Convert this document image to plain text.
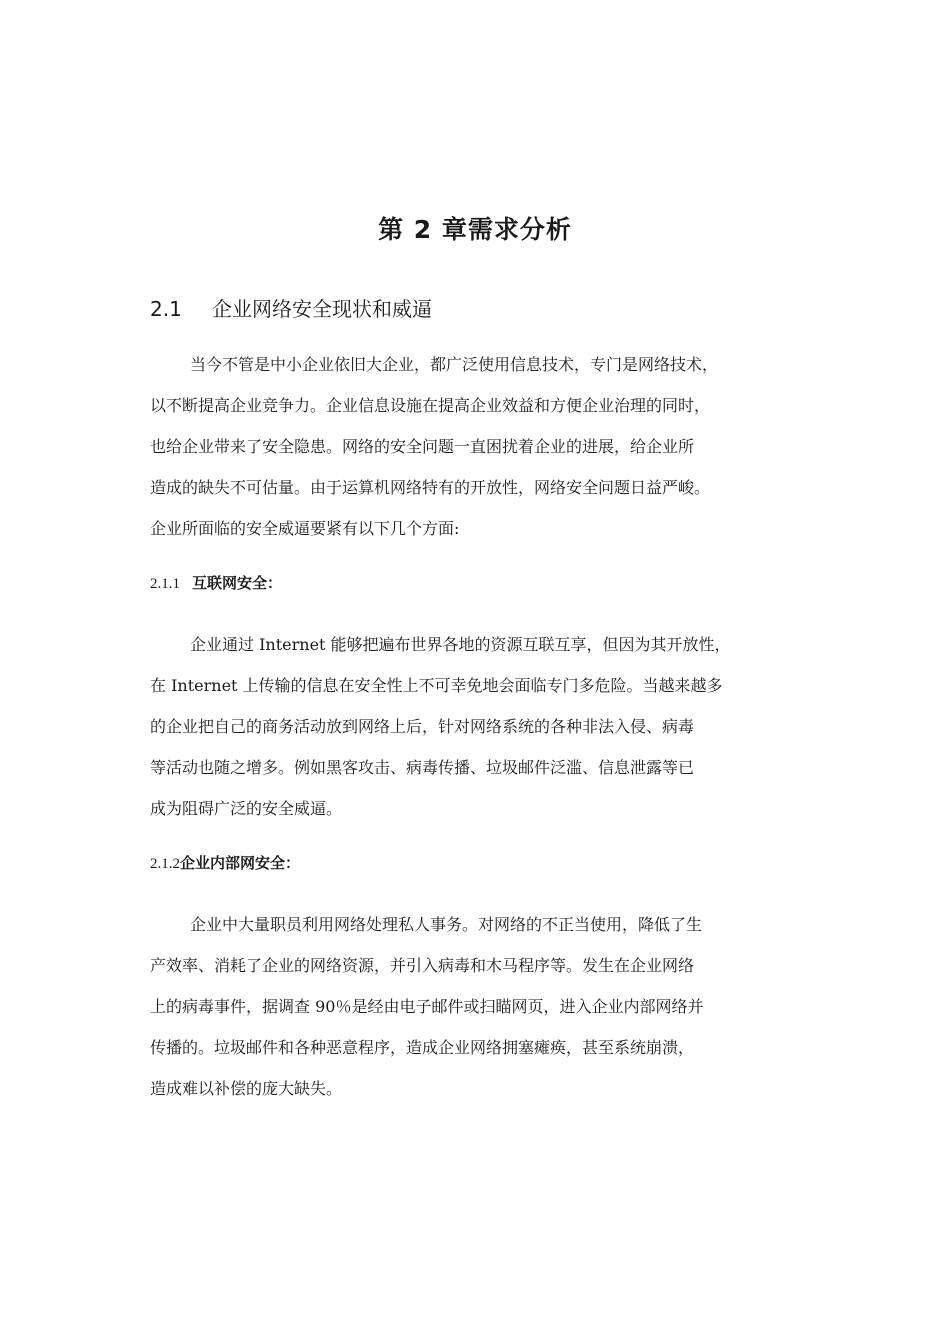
第 2 章需求分析
2.1 企业网络安全现状和威逼
当今不管是中小企业依旧大企业，都广泛使用信息技术，专门是网络技术，
以不断提高企业竞争力。企业信息设施在提高企业效益和方便企业治理的同时，
也给企业带来了安全隐患。网络的安全问题一直困扰着企业的进展，给企业所
造成的缺失不可估量。由于运算机网络特有的开放性，网络安全问题日益严峻。
企业所面临的安全威逼要紧有以下几个方面:
2.1.1 互联网安全：
企业通过 Internet 能够把遍布世界各地的资源互联互享，但因为其开放性，
在 Internet 上传输的信息在安全性上不可幸免地会面临专门多危险。当越来越多
的企业把自己的商务活动放到网络上后，针对网络系统的各种非法入侵、病毒
等活动也随之增多。例如黑客攻击、病毒传播、垃圾邮件泛滥、信息泄露等已
成为阻碍广泛的安全威逼。
2.1.2企业内部网安全：
企业中大量职员利用网络处理私人事务。对网络的不正当使用，降低了生
产效率、消耗了企业的网络资源，并引入病毒和木马程序等。发生在企业网络
上的病毒事件，据调查 90％是经由电子邮件或扫瞄网页，进入企业内部网络并
传播的。垃圾邮件和各种恶意程序，造成企业网络拥塞瘫痪，甚至系统崩溃，
造成难以补偿的庞大缺失。
